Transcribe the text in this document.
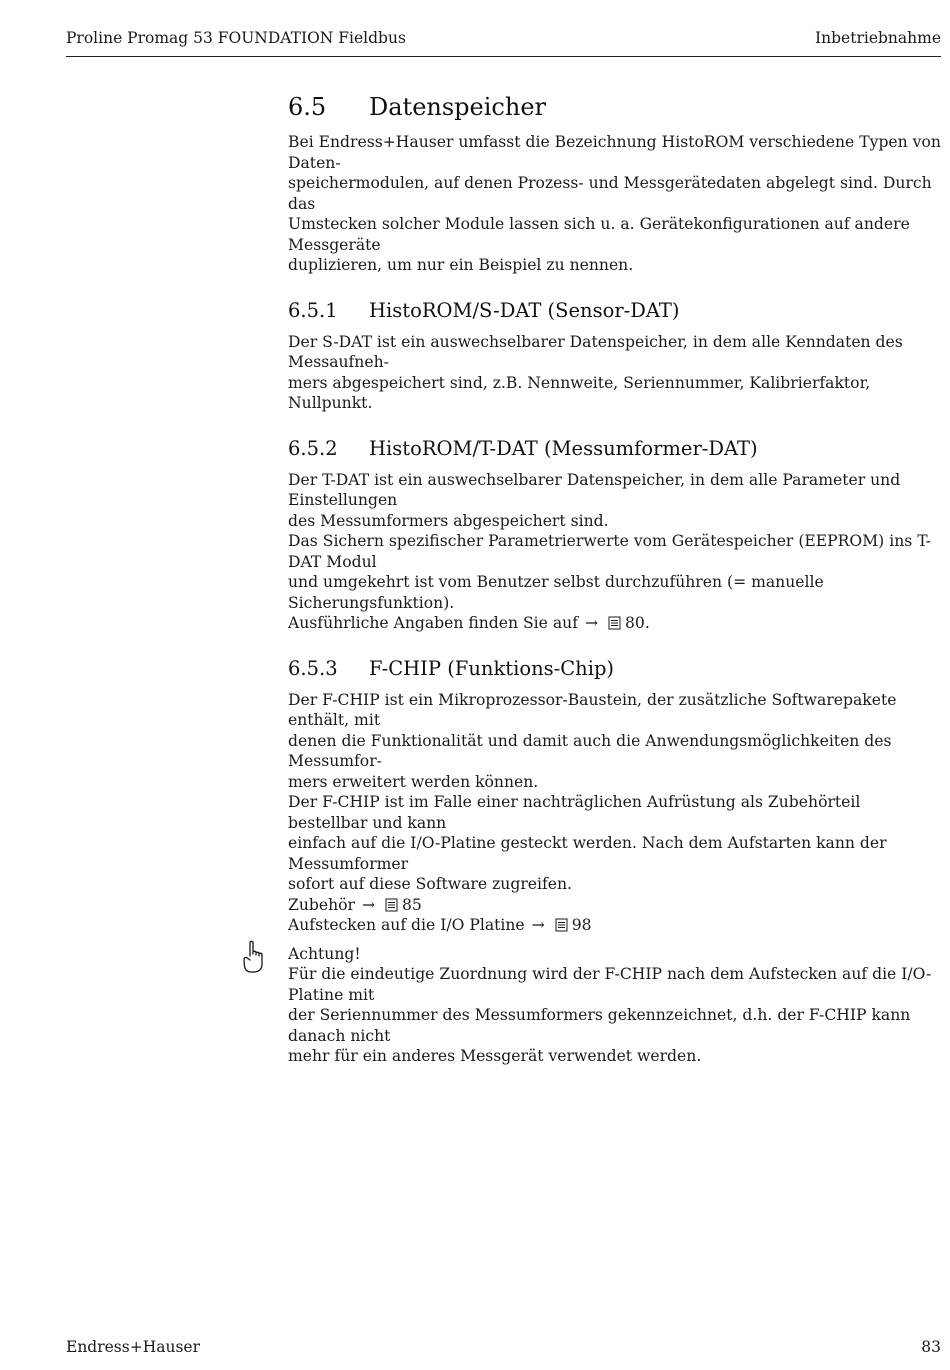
Proline Promag 53 FOUNDATION Fieldbus	Inbetriebnahme
6.5	Datenspeicher

Bei Endress+Hauser umfasst die Bezeichnung HistoROM verschiedene Typen von Daten-
speichermodulen, auf denen Prozess- und Messgerätedaten abgelegt sind. Durch das
Umstecken solcher Module lassen sich u. a. Gerätekonfigurationen auf andere Messgeräte
duplizieren, um nur ein Beispiel zu nennen.

6.5.1	HistoROM/S-DAT (Sensor-DAT)

Der S-DAT ist ein auswechselbarer Datenspeicher, in dem alle Kenndaten des Messaufneh-
mers abgespeichert sind, z.B. Nennweite, Seriennummer, Kalibrierfaktor, Nullpunkt.

6.5.2	HistoROM/T-DAT (Messumformer-DAT)

Der T-DAT ist ein auswechselbarer Datenspeicher, in dem alle Parameter und Einstellungen
des Messumformers abgespeichert sind.
Das Sichern spezifischer Parametrierwerte vom Gerätespeicher (EEPROM) ins T-DAT Modul
und umgekehrt ist vom Benutzer selbst durchzuführen (= manuelle Sicherungsfunktion).
Ausführliche Angaben finden Sie auf → 80.

6.5.3	F-CHIP (Funktions-Chip)

Der F-CHIP ist ein Mikroprozessor-Baustein, der zusätzliche Softwarepakete enthält, mit
denen die Funktionalität und damit auch die Anwendungsmöglichkeiten des Messumfor-
mers erweitert werden können.
Der F-CHIP ist im Falle einer nachträglichen Aufrüstung als Zubehörteil bestellbar und kann
einfach auf die I/O-Platine gesteckt werden. Nach dem Aufstarten kann der Messumformer
sofort auf diese Software zugreifen.
Zubehör → 85
Aufstecken auf die I/O Platine → 98

Achtung!
Für die eindeutige Zuordnung wird der F-CHIP nach dem Aufstecken auf die I/O-Platine mit
der Seriennummer des Messumformers gekennzeichnet, d.h. der F-CHIP kann danach nicht
mehr für ein anderes Messgerät verwendet werden.

Endress+Hauser	83
